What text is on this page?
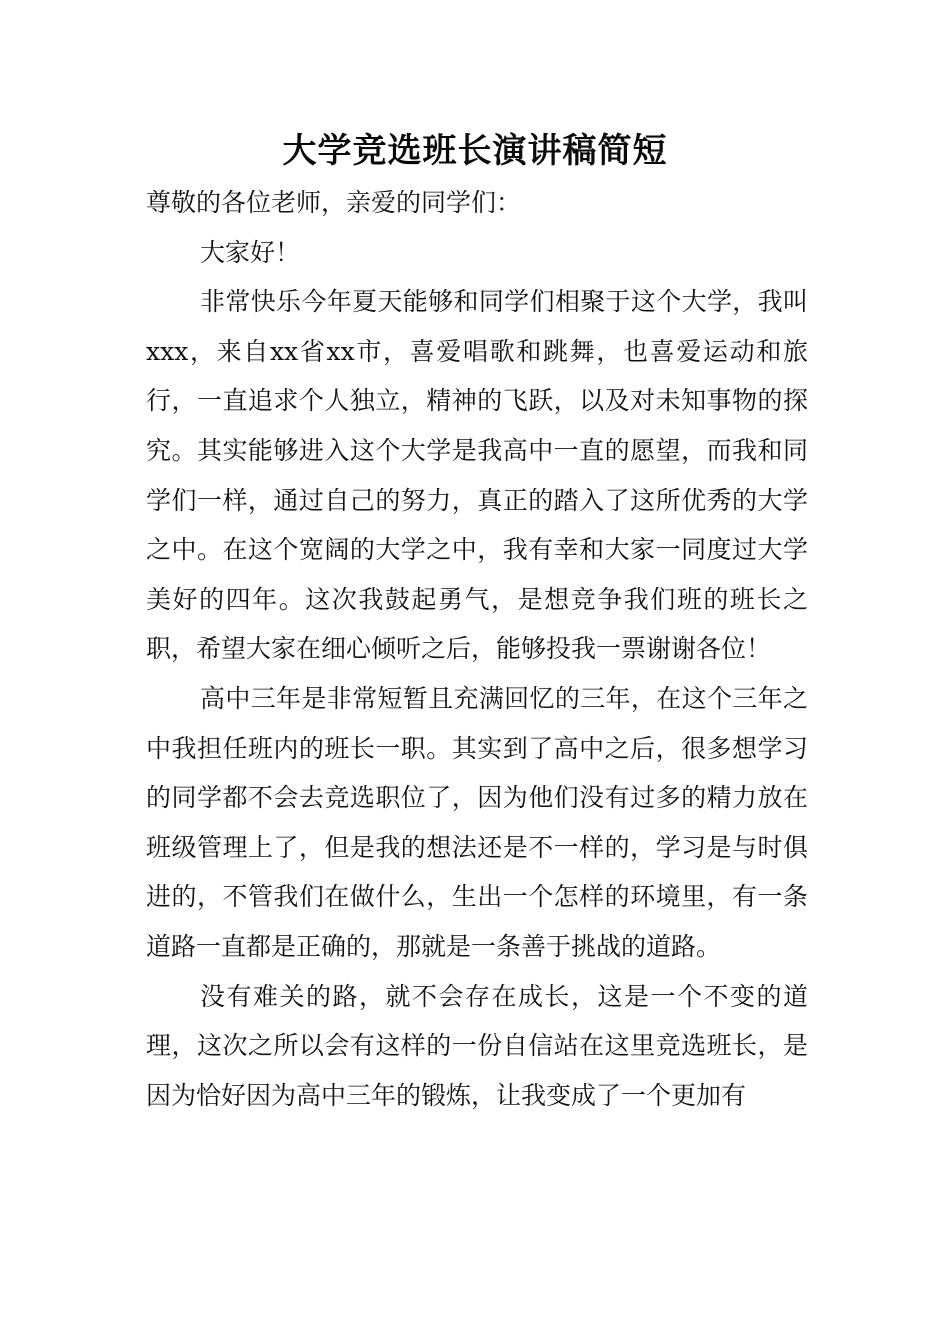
大学竞选班长演讲稿简短

尊敬的各位老师，亲爱的同学们：

大家好！

非常快乐今年夏天能够和同学们相聚于这个大学，我叫xxx，来自xx省xx市，喜爱唱歌和跳舞，也喜爱运动和旅行，一直追求个人独立，精神的飞跃，以及对未知事物的探究。其实能够进入这个大学是我高中一直的愿望，而我和同学们一样，通过自己的努力，真正的踏入了这所优秀的大学之中。在这个宽阔的大学之中，我有幸和大家一同度过大学美好的四年。这次我鼓起勇气，是想竞争我们班的班长之职，希望大家在细心倾听之后，能够投我一票谢谢各位！

高中三年是非常短暂且充满回忆的三年，在这个三年之中我担任班内的班长一职。其实到了高中之后，很多想学习的同学都不会去竞选职位了，因为他们没有过多的精力放在班级管理上了，但是我的想法还是不一样的，学习是与时俱进的，不管我们在做什么，生出一个怎样的环境里，有一条道路一直都是正确的，那就是一条善于挑战的道路。

没有难关的路，就不会存在成长，这是一个不变的道理，这次之所以会有这样的一份自信站在这里竞选班长，是因为恰好因为高中三年的锻炼，让我变成了一个更加有
